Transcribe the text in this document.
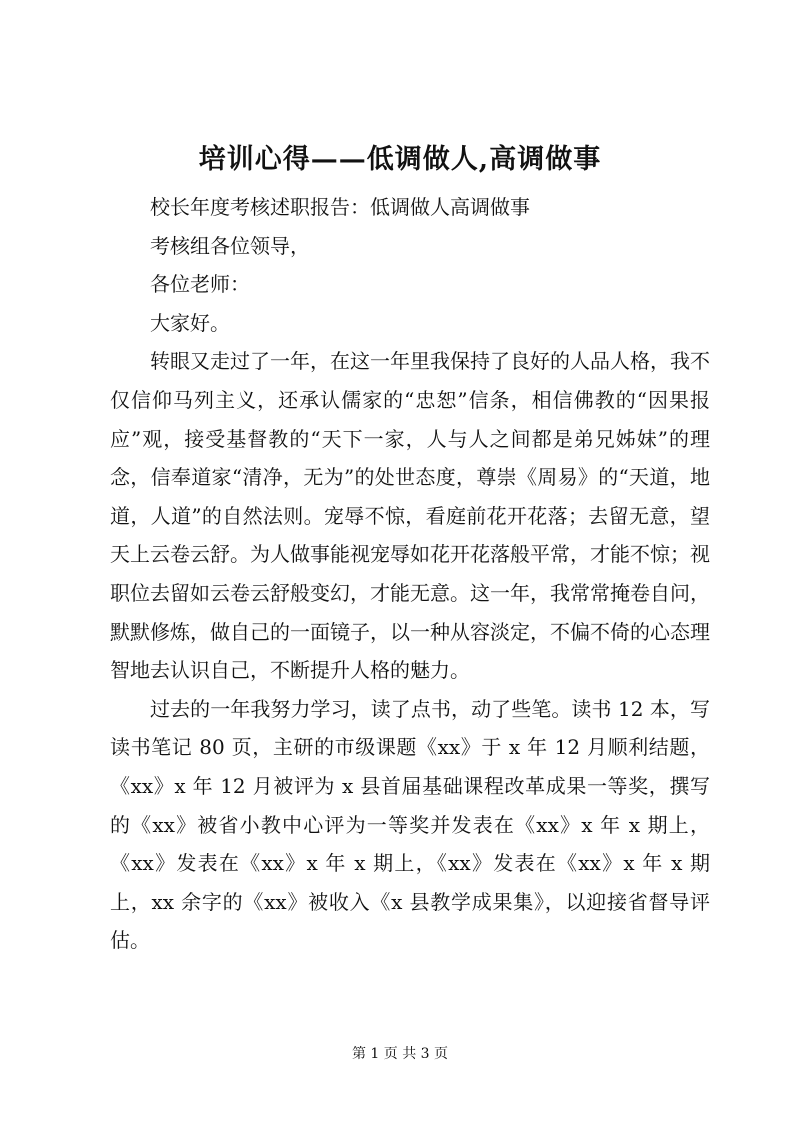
培训心得——低调做人,高调做事

校长年度考核述职报告：低调做人高调做事

考核组各位领导，

各位老师：

大家好。

转眼又走过了一年，在这一年里我保持了良好的人品人格，我不仅信仰马列主义，还承认儒家的“忠恕”信条，相信佛教的“因果报应”观，接受基督教的“天下一家，人与人之间都是弟兄姊妹”的理念，信奉道家“清净，无为”的处世态度，尊崇《周易》的“天道，地道，人道”的自然法则。宠辱不惊，看庭前花开花落；去留无意，望天上云卷云舒。为人做事能视宠辱如花开花落般平常，才能不惊；视职位去留如云卷云舒般变幻，才能无意。这一年，我常常掩卷自问，默默修炼，做自己的一面镜子，以一种从容淡定，不偏不倚的心态理智地去认识自己，不断提升人格的魅力。

过去的一年我努力学习，读了点书，动了些笔。读书 12 本，写读书笔记 80 页，主研的市级课题《xx》于 x 年 12 月顺利结题，《xx》x 年 12 月被评为 x 县首届基础课程改革成果一等奖，撰写的《xx》被省小教中心评为一等奖并发表在《xx》x 年 x 期上，《xx》发表在《xx》x 年 x 期上，《xx》发表在《xx》x 年 x 期上，xx 余字的《xx》被收入《x 县教学成果集》，以迎接省督导评估。

第 1 页 共 3 页
